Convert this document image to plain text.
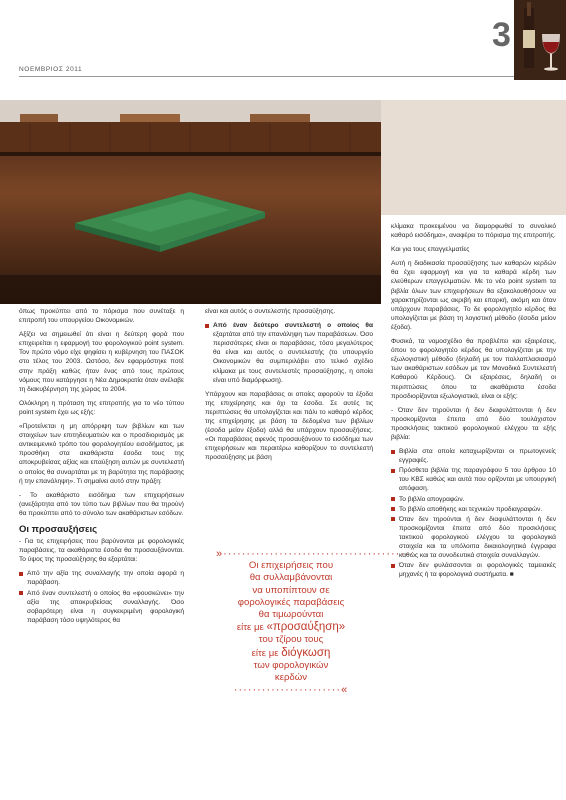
ΝΟΕΜΒΡΙΟΣ 2011
3

όπως προκύπτει από το πόρισμα που συνέταξε η επιτροπή του υπουργείου Οικονομικών.

Αξίζει να σημειωθεί ότι είναι η δεύτερη φορά που επιχειρείται η εφαρμογή του φορολογικού point system. Τον πρώτο νόμο είχε ψηφίσει η κυβέρνηση του ΠΑΣΟΚ στο τέλος του 2003. Ωστόσο, δεν εφαρμόστηκε ποτέ στην πράξη καθώς ήταν ένας από τους πρώτους νόμους που κατάργησε η Νέα Δημοκρατία όταν ανέλαβε τη διακυβέρνηση της χώρας το 2004.

Ολόκληρη η πρόταση της επιτροπής για το νέο τύπου point system έχει ως εξής:

«Προτείνεται η μη απόρριψη των βιβλίων και των στοιχείων των επιτηδευματιών και ο προσδιορισμός με αντικειμενικό τρόπο του φορολογητέου εισοδήματος, με προσθήκη στα ακαθάριστα έσοδα τους της αποκρυβείσας αξίας και επαύξηση αυτών με συντελεστή ο οποίος θα συναρτάται με τη βαρύτητα της παράβασης ή την επανάληψη». Τι σημαίνει αυτό στην πράξη:

- Το ακαθάριστο εισόδημα των επιχειρήσεων (ανεξάρτητα από τον τύπο των βιβλίων που θα τηρούν) θα προκύπτει από το σύνολο των ακαθάριστων εσόδων.

Οι προσαυξήσεις

- Για τις επιχειρήσεις που βαρύνονται με φορολογικές παραβάσεις, τα ακαθάριστα έσοδα θα προσαυξάνονται. Το ύψος της προσαύξησης θα εξαρτάται:

Από την αξία της συναλλαγής την οποία αφορά η παράβαση.
Από έναν συντελεστή ο οποίος θα «φουσκώνει» την αξία της αποκρυβείσας συναλλαγής. Όσο σοβαρότερη είναι η συγκεκριμένη φορολογική παράβαση τόσο υψηλότερος θα

είναι και αυτός ο συντελεστής προσαύξησης.

Από έναν δεύτερο συντελεστή ο οποίος θα εξαρτάται από την επανάληψη των παραβάσεων. Όσο περισσότερες είναι οι παραβάσεις, τόσο μεγαλύτερος θα είναι και αυτός ο συντελεστής (το υπουργείο Οικονομικών θα συμπεριλάβει στο τελικό σχέδιο κλίμακα με τους συντελεστές προσαύξησης, η οποία είναι υπό διαμόρφωση).

Υπάρχουν και παραβάσεις οι οποίες αφορούν τα έξοδα της επιχείρησης και όχι τα έσοδα. Σε αυτές τις περιπτώσεις θα υπολογίζεται και πάλι το καθαρό κέρδος της επιχείρησης με βάση τα δεδομένα των βιβλίων (έσοδα μείον έξοδα) αλλά θα υπάρχουν προσαυξήσεις. «Οι παραβάσεις αφενός προσαυξάνουν το εισόδημα των επιχειρήσεων και περαιτέρω καθορίζουν το συντελεστή προσαύξησης με βάση

»·········································
Οι επιχειρήσεις που
θα συλλαμβάνονται
να υποπίπτουν σε
φορολογικές παραβάσεις
θα τιμωρούνται
είτε με «προσαύξηση»
του τζίρου τους
είτε με διόγκωση
των φορολογικών
κερδών
·······················«

κλίμακα προκειμένου να διαμορφωθεί το συνολικό καθαρό εισόδημα», αναφέρει το πόρισμα της επιτροπής.

Και για τους επαγγελματίες

Αυτή η διαδικασία προσαύξησης των καθαρών κερδών θα έχει εφαρμογή και για τα καθαρά κέρδη των ελεύθερων επαγγελματιών. Με το νέο point system τα βιβλία όλων των επιχειρήσεων θα εξακολουθήσουν να χαρακτηρίζονται ως ακριβή και επαρκή, ακόμη και όταν υπάρχουν παραβάσεις. Το δε φορολογητέο κέρδος θα υπολογίζεται με βάση τη λογιστική μέθοδο (έσοδα μείον έξοδα).

Φυσικά, τα νομοσχέδιο θα προβλέπει και εξαιρέσεις, όπου το φορολογητέο κέρδος θα υπολογίζεται με την εξωλογιστική μέθοδο (δηλαδή με τον πολλαπλασιασμό των ακαθάριστων εσόδων με τον Μοναδικό Συντελεστή Καθαρού Κέρδους). Οι εξαιρέσεις, δηλαδή οι περιπτώσεις όπου τα ακαθάριστα έσοδα προσδιορίζονται εξωλογιστικά, είναι οι εξής:

- Όταν δεν τηρούνται ή δεν διαφυλάττονται ή δεν προσκομίζονται έπειτα από δύο τουλάχιστον προσκλήσεις τακτικού φορολογικού ελέγχου τα εξής βιβλία:

Βιβλία στα οποία καταχωρίζονται οι πρωτογενείς εγγραφές.
Πρόσθετα βιβλία της παραγράφου 5 του άρθρου 10 του ΚΒΣ καθώς και αυτά που ορίζονται με υπουργική απόφαση.
Το βιβλίο απογραφών.
Το βιβλίο αποθήκης και τεχνικών προδιαγραφών.
Όταν δεν τηρούνται ή δεν διαφυλάττονται ή δεν προσκομίζονται έπειτα από δύο προσκλήσεις τακτικού φορολογικού ελέγχου τα φορολογικά στοιχεία και τα υπόλοιπα δικαιολογητικά έγγραφα καθώς και τα συνοδευτικά στοιχεία συναλλαγών.
Όταν δεν φυλάσσονται οι φορολογικές ταμειακές μηχανές ή τα φορολογικά συστήματα. ■
